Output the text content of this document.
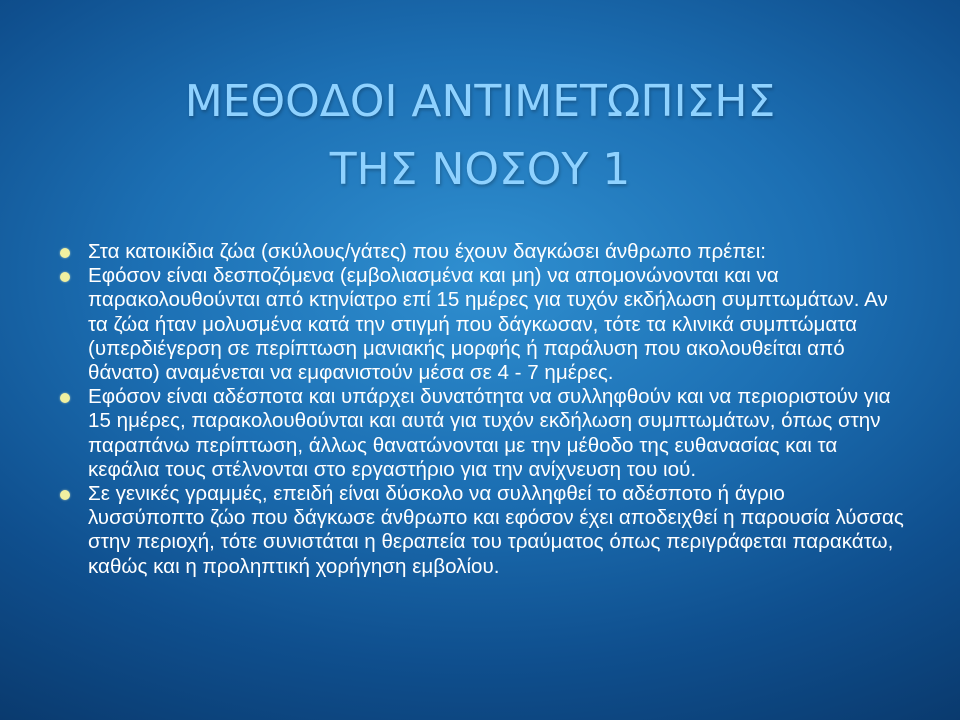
ΜΕΘΟΔΟΙ ΑΝΤΙΜΕΤΩΠΙΣΗΣ
ΤΗΣ ΝΟΣΟΥ 1
Στα κατοικίδια ζώα (σκύλους/γάτες) που έχουν δαγκώσει άνθρωπο πρέπει:
Εφόσον είναι δεσποζόμενα (εμβολιασμένα και μη) να απομονώνονται και να παρακολουθούνται από κτηνίατρο επί 15 ημέρες για τυχόν εκδήλωση συμπτωμάτων. Αν τα ζώα ήταν μολυσμένα κατά την στιγμή που δάγκωσαν, τότε τα κλινικά συμπτώματα (υπερδιέγερση σε περίπτωση μανιακής μορφής ή παράλυση που ακολουθείται από θάνατο) αναμένεται να εμφανιστούν μέσα σε 4 - 7 ημέρες.
Εφόσον είναι αδέσποτα και υπάρχει δυνατότητα να συλληφθούν και να περιοριστούν για 15 ημέρες, παρακολουθούνται και αυτά για τυχόν εκδήλωση συμπτωμάτων, όπως στην παραπάνω περίπτωση, άλλως θανατώνονται με την μέθοδο της ευθανασίας και τα κεφάλια τους στέλνονται στο εργαστήριο για την ανίχνευση του ιού.
Σε γενικές γραμμές, επειδή είναι δύσκολο να συλληφθεί το αδέσποτο ή άγριο λυσσύποπτο ζώο που δάγκωσε άνθρωπο και εφόσον έχει αποδειχθεί η παρουσία λύσσας στην περιοχή, τότε συνιστάται η θεραπεία του τραύματος όπως περιγράφεται παρακάτω, καθώς και η προληπτική χορήγηση εμβολίου.
